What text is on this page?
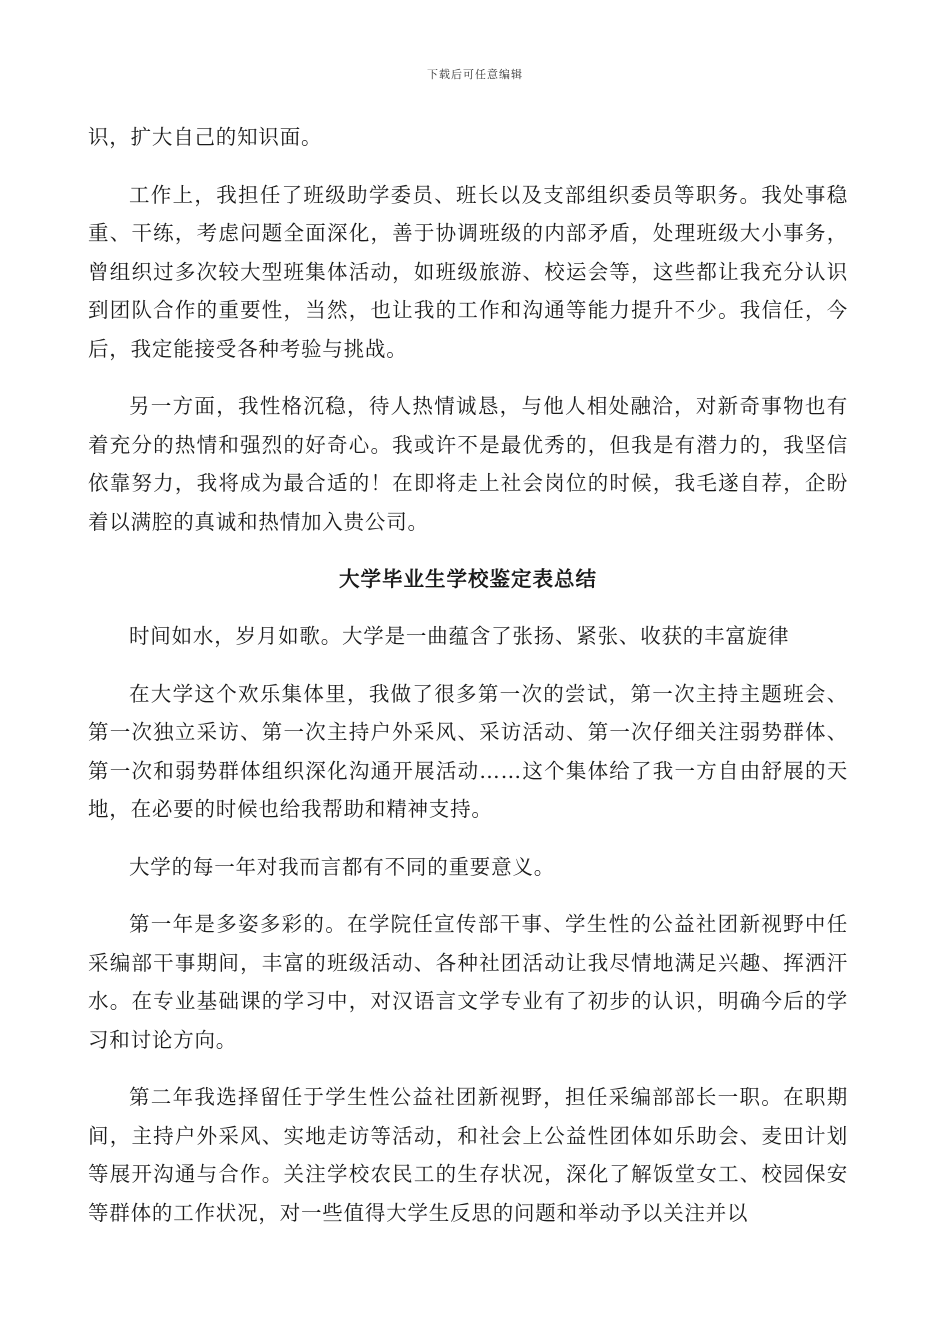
下载后可任意编辑

识，扩大自己的知识面。

工作上，我担任了班级助学委员、班长以及支部组织委员等职务。我处事稳重、干练，考虑问题全面深化，善于协调班级的内部矛盾，处理班级大小事务，曾组织过多次较大型班集体活动，如班级旅游、校运会等，这些都让我充分认识到团队合作的重要性，当然，也让我的工作和沟通等能力提升不少。我信任，今后，我定能接受各种考验与挑战。

另一方面，我性格沉稳，待人热情诚恳，与他人相处融洽，对新奇事物也有着充分的热情和强烈的好奇心。我或许不是最优秀的，但我是有潜力的，我坚信依靠努力，我将成为最合适的！在即将走上社会岗位的时候，我毛遂自荐，企盼着以满腔的真诚和热情加入贵公司。

大学毕业生学校鉴定表总结

时间如水，岁月如歌。大学是一曲蕴含了张扬、紧张、收获的丰富旋律

在大学这个欢乐集体里，我做了很多第一次的尝试，第一次主持主题班会、第一次独立采访、第一次主持户外采风、采访活动、第一次仔细关注弱势群体、第一次和弱势群体组织深化沟通开展活动……这个集体给了我一方自由舒展的天地，在必要的时候也给我帮助和精神支持。

大学的每一年对我而言都有不同的重要意义。

第一年是多姿多彩的。在学院任宣传部干事、学生性的公益社团新视野中任采编部干事期间，丰富的班级活动、各种社团活动让我尽情地满足兴趣、挥洒汗水。在专业基础课的学习中，对汉语言文学专业有了初步的认识，明确今后的学习和讨论方向。

第二年我选择留任于学生性公益社团新视野，担任采编部部长一职。在职期间，主持户外采风、实地走访等活动，和社会上公益性团体如乐助会、麦田计划等展开沟通与合作。关注学校农民工的生存状况，深化了解饭堂女工、校园保安等群体的工作状况，对一些值得大学生反思的问题和举动予以关注并以
